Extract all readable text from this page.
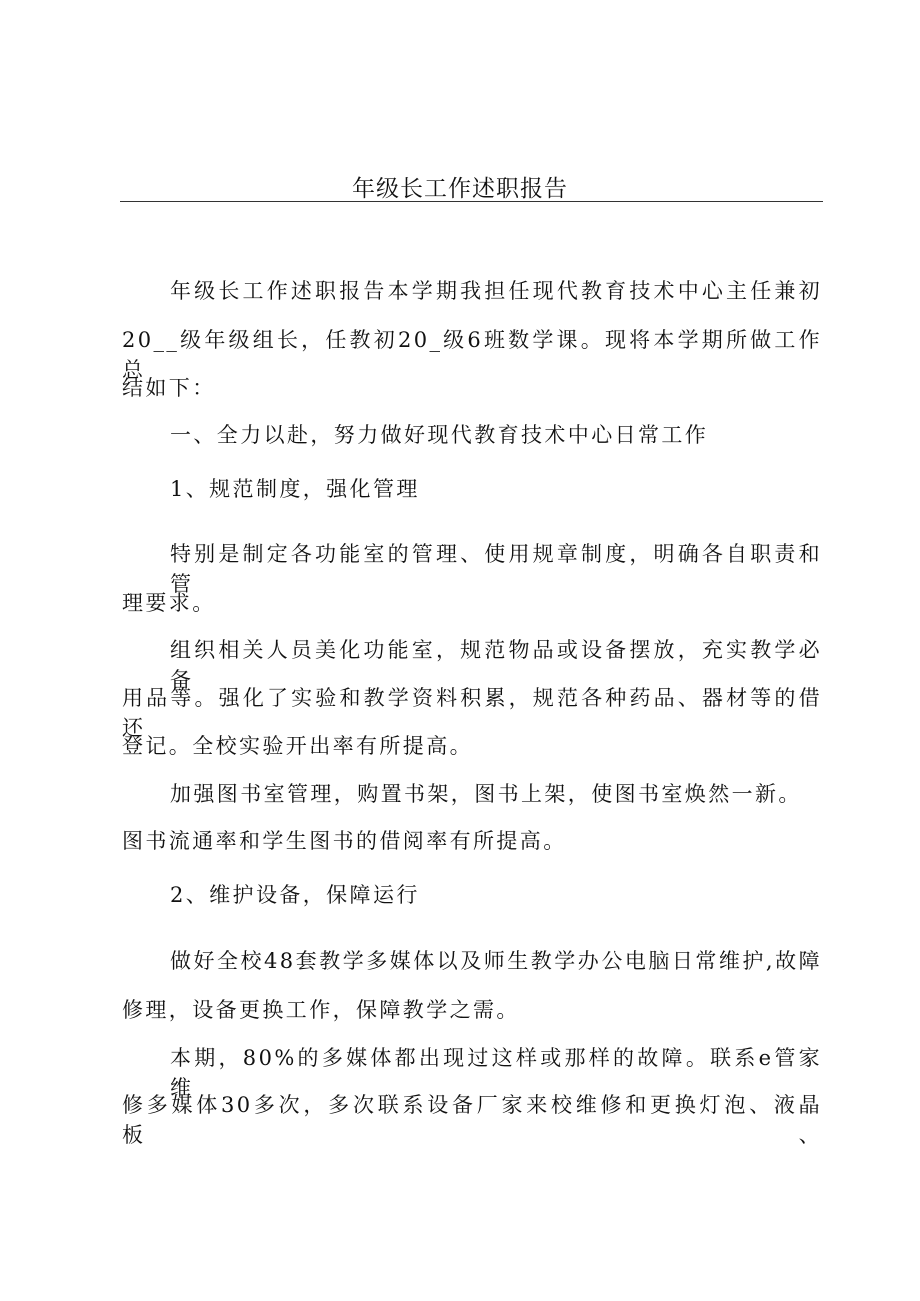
年级长工作述职报告
年级长工作述职报告本学期我担任现代教育技术中心主任兼初
20__级年级组长，任教初20_级6班数学课。现将本学期所做工作总
结如下：
一、全力以赴，努力做好现代教育技术中心日常工作
1、规范制度，强化管理
特别是制定各功能室的管理、使用规章制度，明确各自职责和管
理要求。
组织相关人员美化功能室，规范物品或设备摆放，充实教学必备
用品等。强化了实验和教学资料积累，规范各种药品、器材等的借还
登记。全校实验开出率有所提高。
加强图书室管理，购置书架，图书上架，使图书室焕然一新。
图书流通率和学生图书的借阅率有所提高。
2、维护设备，保障运行
做好全校48套教学多媒体以及师生教学办公电脑日常维护,故障
修理，设备更换工作，保障教学之需。
本期，80%的多媒体都出现过这样或那样的故障。联系e管家维
修多媒体30多次，多次联系设备厂家来校维修和更换灯泡、液晶板、
